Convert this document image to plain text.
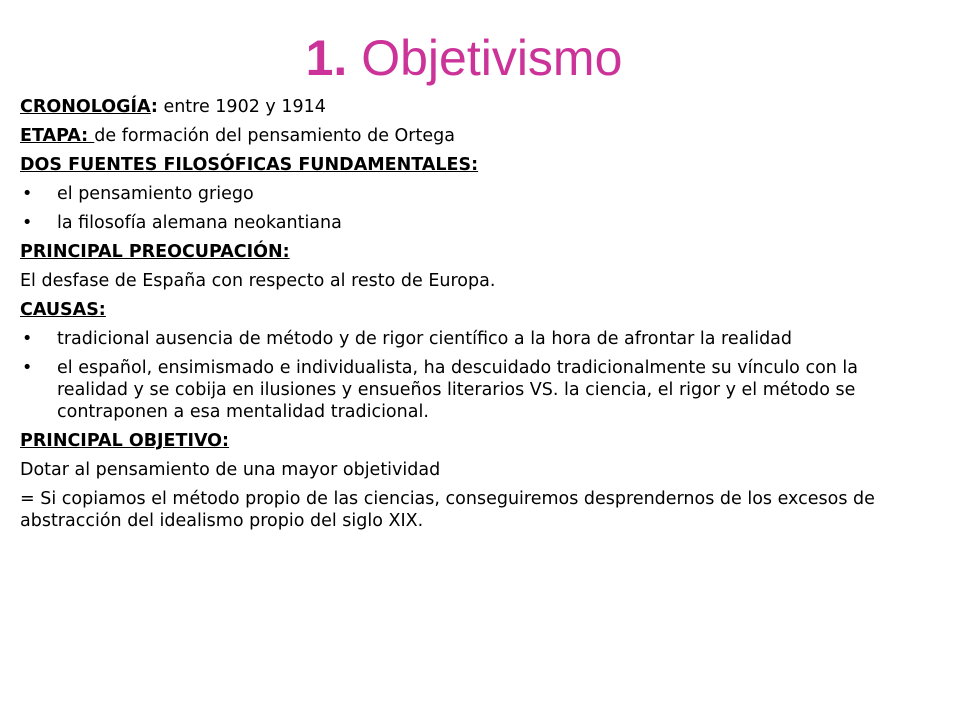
1. Objetivismo
CRONOLOGÍA: entre 1902 y 1914
ETAPA: de formación del pensamiento de Ortega
DOS FUENTES FILOSÓFICAS FUNDAMENTALES:
• el pensamiento griego
• la filosofía alemana neokantiana
PRINCIPAL PREOCUPACIÓN:
El desfase de España con respecto al resto de Europa.
CAUSAS:
• tradicional ausencia de método y de rigor científico a la hora de afrontar la realidad
• el español, ensimismado e individualista, ha descuidado tradicionalmente su vínculo con la realidad y se cobija en ilusiones y ensueños literarios VS. la ciencia, el rigor y el método se contraponen a esa mentalidad tradicional.
PRINCIPAL OBJETIVO:
Dotar al pensamiento de una mayor objetividad
= Si copiamos el método propio de las ciencias, conseguiremos desprendernos de los excesos de abstracción del idealismo propio del siglo XIX.
